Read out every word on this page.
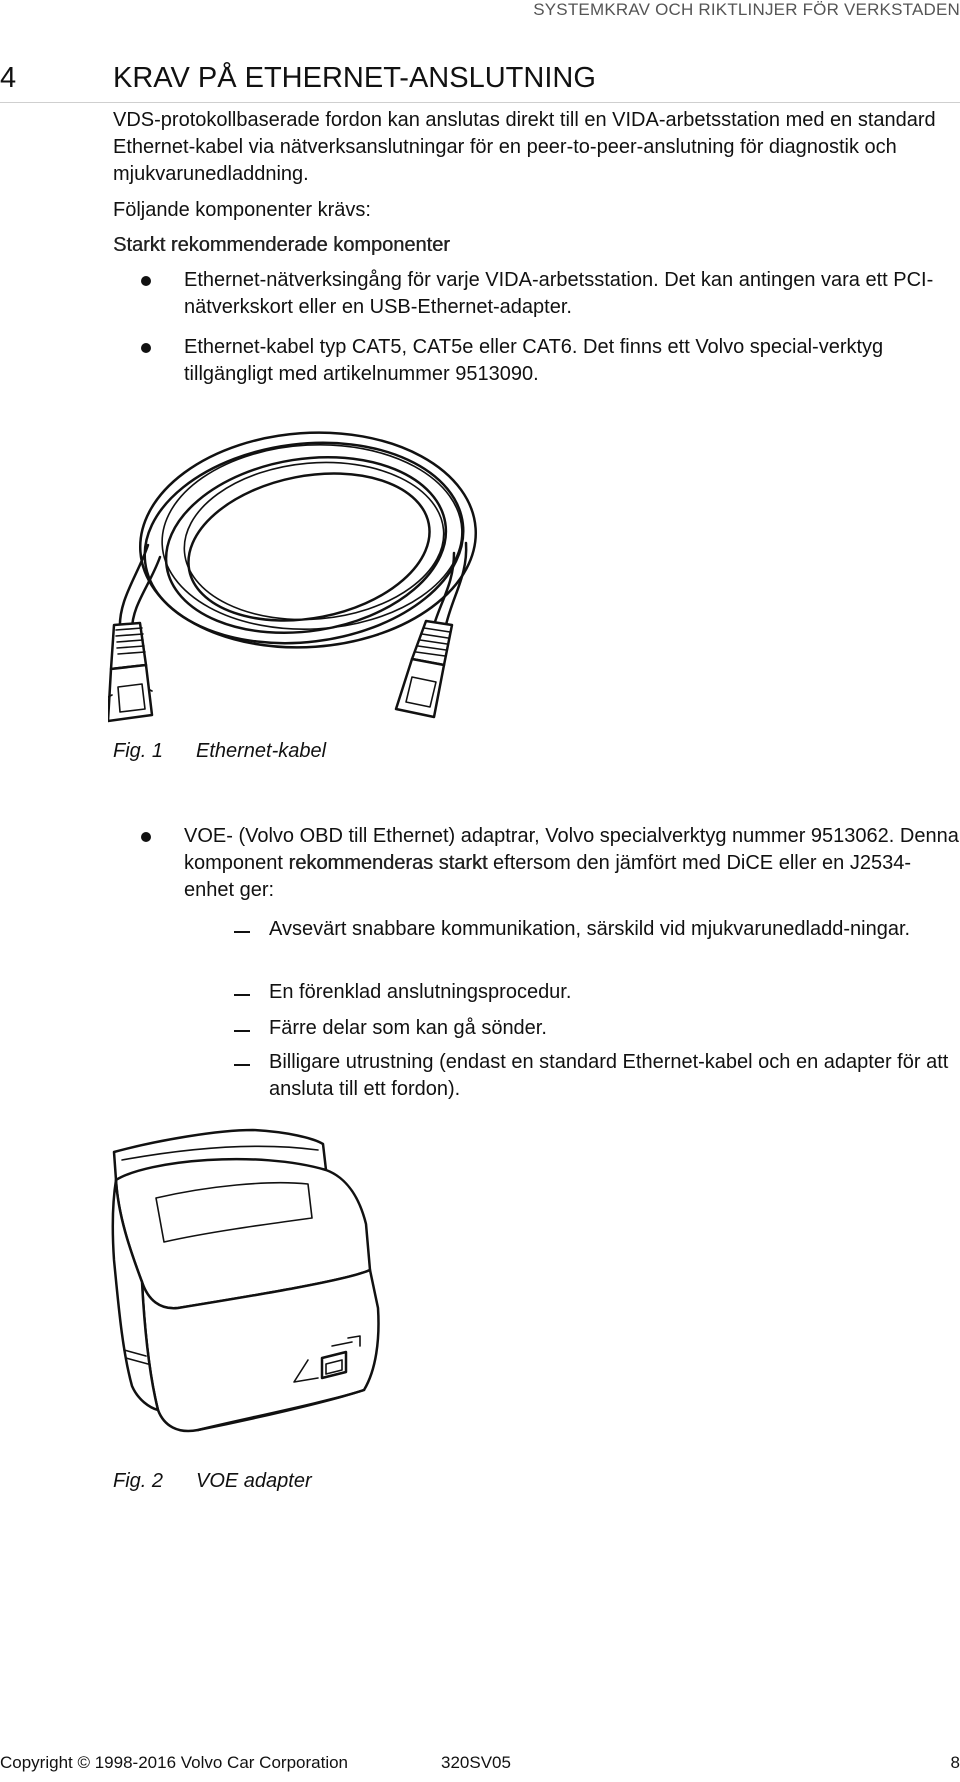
SYSTEMKRAV OCH RIKTLINJER FÖR VERKSTADEN
4	KRAV PÅ ETHERNET-ANSLUTNING
VDS-protokollbaserade fordon kan anslutas direkt till en VIDA-arbetsstation med en standard Ethernet-kabel via nätverksanslutningar för en peer-to-peer-anslutning för diagnostik och mjukvarunedladdning.
Följande komponenter krävs:
Starkt rekommenderade komponenter
Ethernet-nätverksingång för varje VIDA-arbetsstation. Det kan antingen vara ett PCI-nätverkskort eller en USB-Ethernet-adapter.
Ethernet-kabel typ CAT5, CAT5e eller CAT6. Det finns ett Volvo special-verktyg tillgängligt med artikelnummer 9513090.
Fig. 1 Ethernet-kabel
VOE- (Volvo OBD till Ethernet) adaptrar, Volvo specialverktyg nummer 9513062. Denna komponent rekommenderas starkt eftersom den jämfört med DiCE eller en J2534-enhet ger:
Avsevärt snabbare kommunikation, särskild vid mjukvarunedladd-ningar.
En förenklad anslutningsprocedur.
Färre delar som kan gå sönder.
Billigare utrustning (endast en standard Ethernet-kabel och en adapter för att ansluta till ett fordon).
Fig. 2 VOE adapter
Copyright © 1998-2016 Volvo Car Corporation	320SV05	8
